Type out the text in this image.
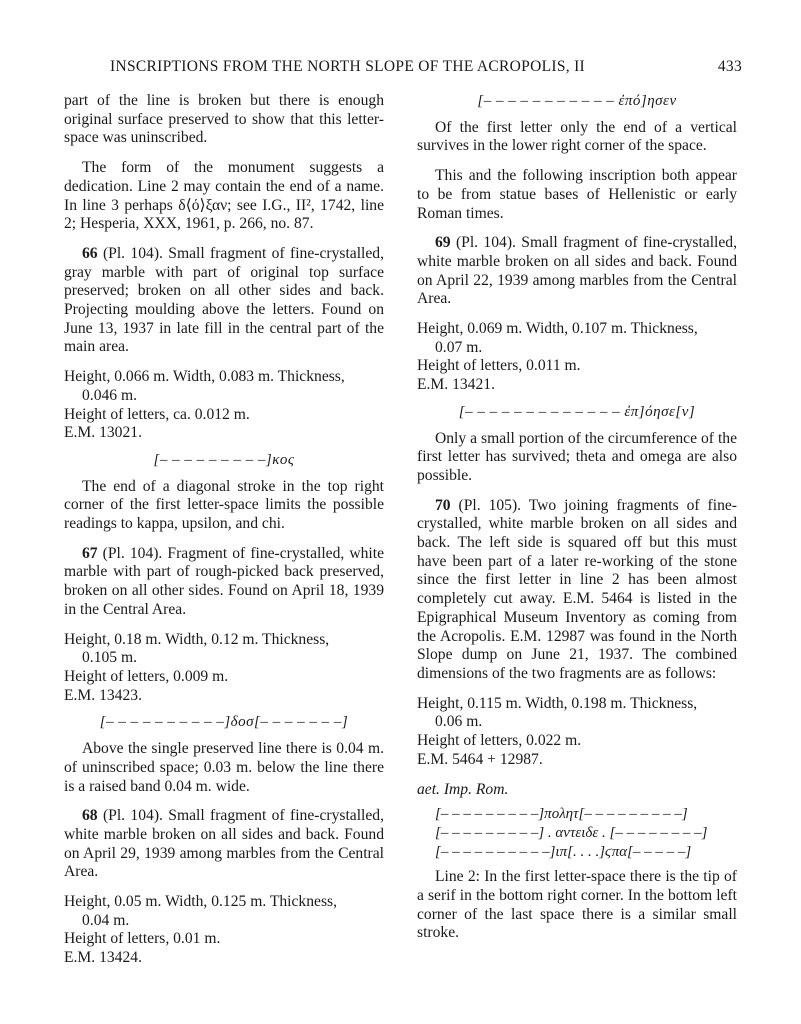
INSCRIPTIONS FROM THE NORTH SLOPE OF THE ACROPOLIS, II	433

part of the line is broken but there is enough original surface preserved to show that this letter-space was uninscribed.

The form of the monument suggests a dedication. Line 2 may contain the end of a name. In line 3 perhaps δ⟨ό⟩ξαν; see I.G., II², 1742, line 2; Hesperia, XXX, 1961, p. 266, no. 87.

66 (Pl. 104). Small fragment of fine-crystalled, gray marble with part of original top surface preserved; broken on all other sides and back. Projecting moulding above the letters. Found on June 13, 1937 in late fill in the central part of the main area.

Height, 0.066 m. Width, 0.083 m. Thickness,
0.046 m.
Height of letters, ca. 0.012 m.
E.M. 13021.
[– – – – – – – – –]κος

The end of a diagonal stroke in the top right corner of the first letter-space limits the possible readings to kappa, upsilon, and chi.

67 (Pl. 104). Fragment of fine-crystalled, white marble with part of rough-picked back preserved, broken on all other sides. Found on April 18, 1939 in the Central Area.

Height, 0.18 m. Width, 0.12 m. Thickness,
0.105 m.
Height of letters, 0.009 m.
E.M. 13423.
[– – – – – – – – – –]δοσ[– – – – – – –]

Above the single preserved line there is 0.04 m. of uninscribed space; 0.03 m. below the line there is a raised band 0.04 m. wide.

68 (Pl. 104). Small fragment of fine-crystalled, white marble broken on all sides and back. Found on April 29, 1939 among marbles from the Central Area.

Height, 0.05 m. Width, 0.125 m. Thickness,
0.04 m.
Height of letters, 0.01 m.
E.M. 13424.
[– – – – – – – – – – – ἐπό]ησεν

Of the first letter only the end of a vertical survives in the lower right corner of the space.

This and the following inscription both appear to be from statue bases of Hellenistic or early Roman times.

69 (Pl. 104). Small fragment of fine-crystalled, white marble broken on all sides and back. Found on April 22, 1939 among marbles from the Central Area.

Height, 0.069 m. Width, 0.107 m. Thickness,
0.07 m.
Height of letters, 0.011 m.
E.M. 13421.
[– – – – – – – – – – – – – ἐπ]όησε[ν]

Only a small portion of the circumference of the first letter has survived; theta and omega are also possible.

70 (Pl. 105). Two joining fragments of fine-crystalled, white marble broken on all sides and back. The left side is squared off but this must have been part of a later re-working of the stone since the first letter in line 2 has been almost completely cut away. E.M. 5464 is listed in the Epigraphical Museum Inventory as coming from the Acropolis. E.M. 12987 was found in the North Slope dump on June 21, 1937. The combined dimensions of the two fragments are as follows:

Height, 0.115 m. Width, 0.198 m. Thickness,
0.06 m.
Height of letters, 0.022 m.
E.M. 5464 + 12987.
aet. Imp. Rom.
[– – – – – – – – –]πολητ[– – – – – – – – –]
[– – – – – – – – –] . αντειδε . [– – – – – – – –]
[– – – – – – – – – –]ιπ[. . . .]ϛπα[– – – – –]

Line 2: In the first letter-space there is the tip of a serif in the bottom right corner. In the bottom left corner of the last space there is a similar small stroke.
